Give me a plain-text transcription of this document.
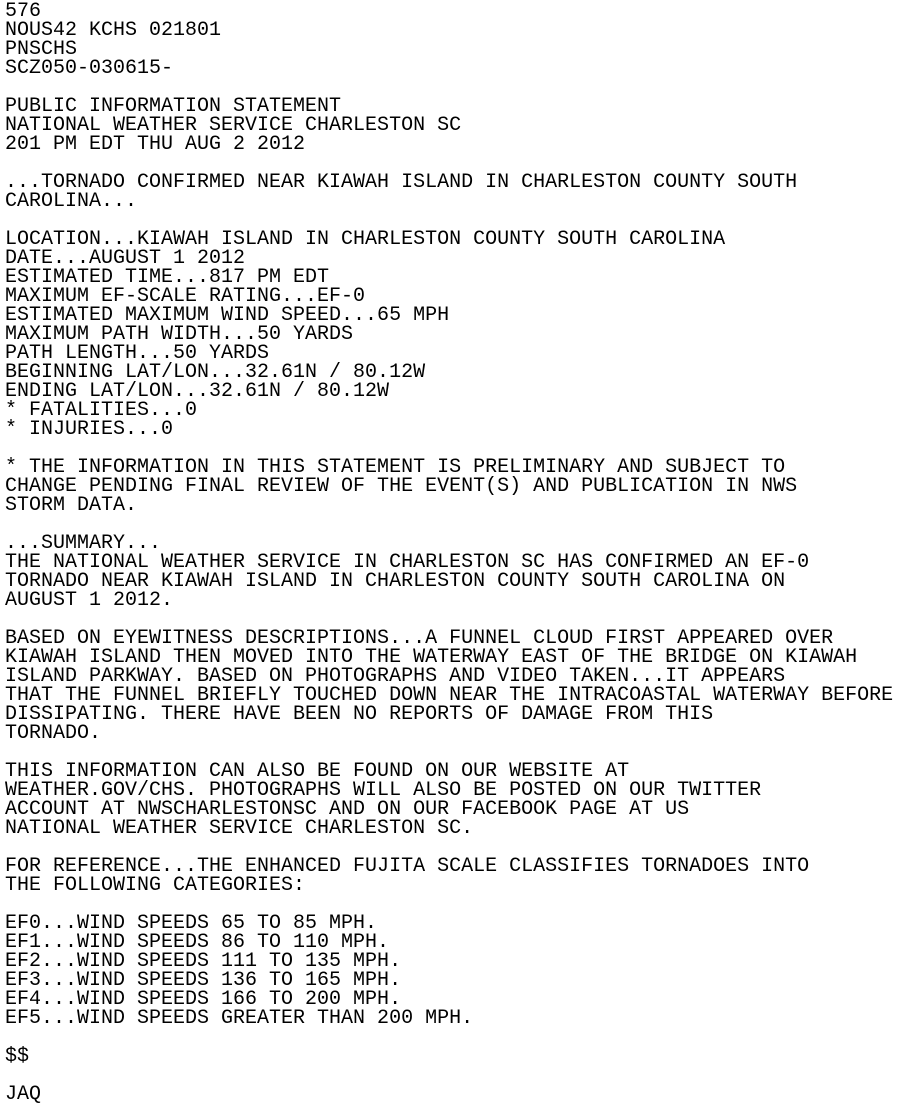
576
NOUS42 KCHS 021801
PNSCHS
SCZ050-030615-
PUBLIC INFORMATION STATEMENT
NATIONAL WEATHER SERVICE CHARLESTON SC
201 PM EDT THU AUG 2 2012
...TORNADO CONFIRMED NEAR KIAWAH ISLAND IN CHARLESTON COUNTY SOUTH
CAROLINA...
LOCATION...KIAWAH ISLAND IN CHARLESTON COUNTY SOUTH CAROLINA
DATE...AUGUST 1 2012
ESTIMATED TIME...817 PM EDT
MAXIMUM EF-SCALE RATING...EF-0
ESTIMATED MAXIMUM WIND SPEED...65 MPH
MAXIMUM PATH WIDTH...50 YARDS
PATH LENGTH...50 YARDS
BEGINNING LAT/LON...32.61N / 80.12W
ENDING LAT/LON...32.61N / 80.12W
* FATALITIES...0
* INJURIES...0
* THE INFORMATION IN THIS STATEMENT IS PRELIMINARY AND SUBJECT TO
CHANGE PENDING FINAL REVIEW OF THE EVENT(S) AND PUBLICATION IN NWS
STORM DATA.
...SUMMARY...
THE NATIONAL WEATHER SERVICE IN CHARLESTON SC HAS CONFIRMED AN EF-0
TORNADO NEAR KIAWAH ISLAND IN CHARLESTON COUNTY SOUTH CAROLINA ON
AUGUST 1 2012.
BASED ON EYEWITNESS DESCRIPTIONS...A FUNNEL CLOUD FIRST APPEARED OVER
KIAWAH ISLAND THEN MOVED INTO THE WATERWAY EAST OF THE BRIDGE ON KIAWAH
ISLAND PARKWAY. BASED ON PHOTOGRAPHS AND VIDEO TAKEN...IT APPEARS
THAT THE FUNNEL BRIEFLY TOUCHED DOWN NEAR THE INTRACOASTAL WATERWAY BEFORE
DISSIPATING. THERE HAVE BEEN NO REPORTS OF DAMAGE FROM THIS
TORNADO.
THIS INFORMATION CAN ALSO BE FOUND ON OUR WEBSITE AT
WEATHER.GOV/CHS. PHOTOGRAPHS WILL ALSO BE POSTED ON OUR TWITTER
ACCOUNT AT NWSCHARLESTONSC AND ON OUR FACEBOOK PAGE AT US
NATIONAL WEATHER SERVICE CHARLESTON SC.
FOR REFERENCE...THE ENHANCED FUJITA SCALE CLASSIFIES TORNADOES INTO
THE FOLLOWING CATEGORIES:
EF0...WIND SPEEDS 65 TO 85 MPH.
EF1...WIND SPEEDS 86 TO 110 MPH.
EF2...WIND SPEEDS 111 TO 135 MPH.
EF3...WIND SPEEDS 136 TO 165 MPH.
EF4...WIND SPEEDS 166 TO 200 MPH.
EF5...WIND SPEEDS GREATER THAN 200 MPH.
$$
JAQ
